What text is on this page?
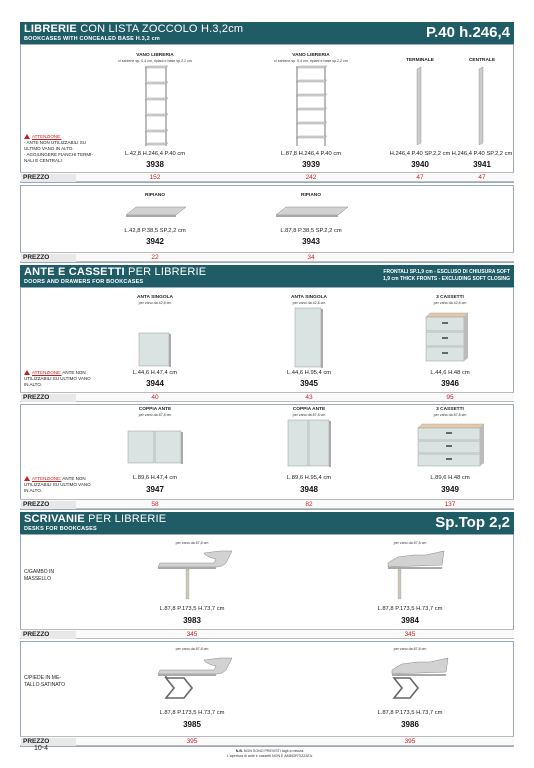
LIBRERIE CON LISTA ZOCCOLO H.3,2cm
BOOKCASES WITH CONCEALED BASE H.3,2 cm	P.40 h.246,4
ATTENZIONE:
- ANTE NON UTILIZZABILI SU
ULTIMO VANO IN ALTO.
- AGGIUNGERE FIANCHI TERMI-
NALI E CENTRALI.
VANO LIBRERIA
c/ schiene sp. 0,4 cm, ripiani e base sp.2,2 cm
L.42,8 H.246,4 P.40 cm
3938
VANO LIBRERIA
c/ schiene sp. 0,4 cm, ripiani e base sp.2,2 cm
L.87,8 H.246,4 P.40 cm
3939
TERMINALE
H.246,4 P.40 SP.2,2 cm
3940
CENTRALE
H.246,4 P.40 SP.2,2 cm
3941
PREZZO	152	242	47	47
RIPIANO
L.42,8 P.38,5 SP.2,2 cm
3942
RIPIANO
L.87,8 P.38,5 SP.2,2 cm
3943
PREZZO	22	34
ANTE E CASSETTI PER LIBRERIE
DOORS AND DRAWERS FOR BOOKCASES
FRONTALI SP.1,9 cm - ESCLUSO DI CHIUSURA SOFT
1,9 cm THICK FRONTS - EXCLUDING SOFT CLOSING
ATTENZIONE: ANTE NON
UTILIZZABILI SU ULTIMO VANO
IN ALTO.
ANTA SINGOLA
per vano da 42,8 cm
L.44,6 H.47,4 cm
3944
ANTA SINGOLA
per vano da 42,8 cm
L.44,6 H.95,4 cm
3945
3 CASSETTI
per vano da 42,8 cm
L.44,6 H.48 cm
3946
PREZZO	40	43	95
ATTENZIONE: ANTE NON
UTILIZZABILI SU ULTIMO VANO
IN ALTO.
COPPIA ANTE
per vano da 87,8 cm
L.89,6 H.47,4 cm
3947
COPPIA ANTE
per vano da 87,8 cm
L.89,6 H.95,4 cm
3948
3 CASSETTI
per vano da 87,8 cm
L.89,6 H.48 cm
3949
PREZZO	58	82	137
SCRIVANIE PER LIBRERIE
DESKS FOR BOOKCASES	Sp.Top 2,2
C/GAMBO IN
MASSELLO
per vano da 87,8 cm
L.87,8 P.173,5 H.73,7 cm
3983
per vano da 87,8 cm
L.87,8 P.173,5 H.73,7 cm
3984
PREZZO	345	345
C/PIEDE IN ME-
TALLO SATINATO
per vano da 87,8 cm
L.87,8 P.173,5 H.73,7 cm
3985
per vano da 87,8 cm
L.87,8 P.173,5 H.73,7 cm
3986
PREZZO	395	395
10-4	N.B. NON SONO PREVISTI tagli a misura.
L'apertura di ante e cassetti NON È AMMORTIZZATA.
